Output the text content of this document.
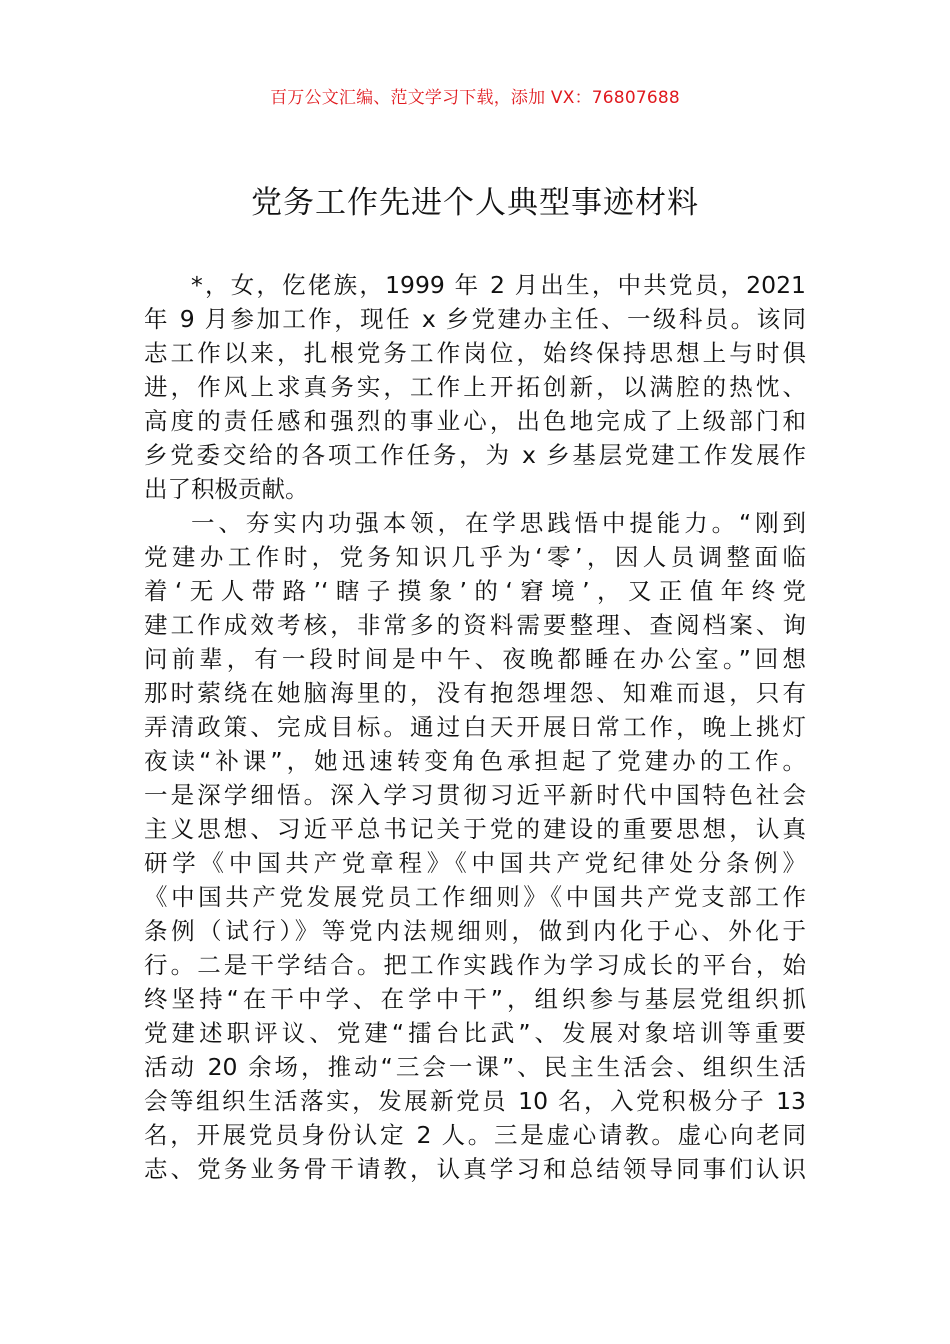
百万公文汇编、范文学习下载，添加 VX：76807688
党务工作先进个人典型事迹材料
*，女，仡佬族，1999 年 2 月出生，中共党员，2021
年 9 月参加工作，现任 x 乡党建办主任、一级科员。该同
志工作以来，扎根党务工作岗位，始终保持思想上与时俱
进，作风上求真务实，工作上开拓创新，以满腔的热忱、
高度的责任感和强烈的事业心，出色地完成了上级部门和
乡党委交给的各项工作任务，为 x 乡基层党建工作发展作
出了积极贡献。
一、夯实内功强本领，在学思践悟中提能力。“刚到
党建办工作时，党务知识几乎为‘零’，因人员调整面临
着‘无人带路’‘瞎子摸象’的‘窘境’，又正值年终党
建工作成效考核，非常多的资料需要整理、查阅档案、询
问前辈，有一段时间是中午、夜晚都睡在办公室。”回想
那时萦绕在她脑海里的，没有抱怨埋怨、知难而退，只有
弄清政策、完成目标。通过白天开展日常工作，晚上挑灯
夜读“补课”，她迅速转变角色承担起了党建办的工作。
一是深学细悟。深入学习贯彻习近平新时代中国特色社会
主义思想、习近平总书记关于党的建设的重要思想，认真
研学《中国共产党章程》《中国共产党纪律处分条例》
《中国共产党发展党员工作细则》《中国共产党支部工作
条例（试行）》等党内法规细则，做到内化于心、外化于
行。二是干学结合。把工作实践作为学习成长的平台，始
终坚持“在干中学、在学中干”，组织参与基层党组织抓
党建述职评议、党建“擂台比武”、发展对象培训等重要
活动 20 余场，推动“三会一课”、民主生活会、组织生活
会等组织生活落实，发展新党员 10 名，入党积极分子 13
名，开展党员身份认定 2 人。三是虚心请教。虚心向老同
志、党务业务骨干请教，认真学习和总结领导同事们认识
